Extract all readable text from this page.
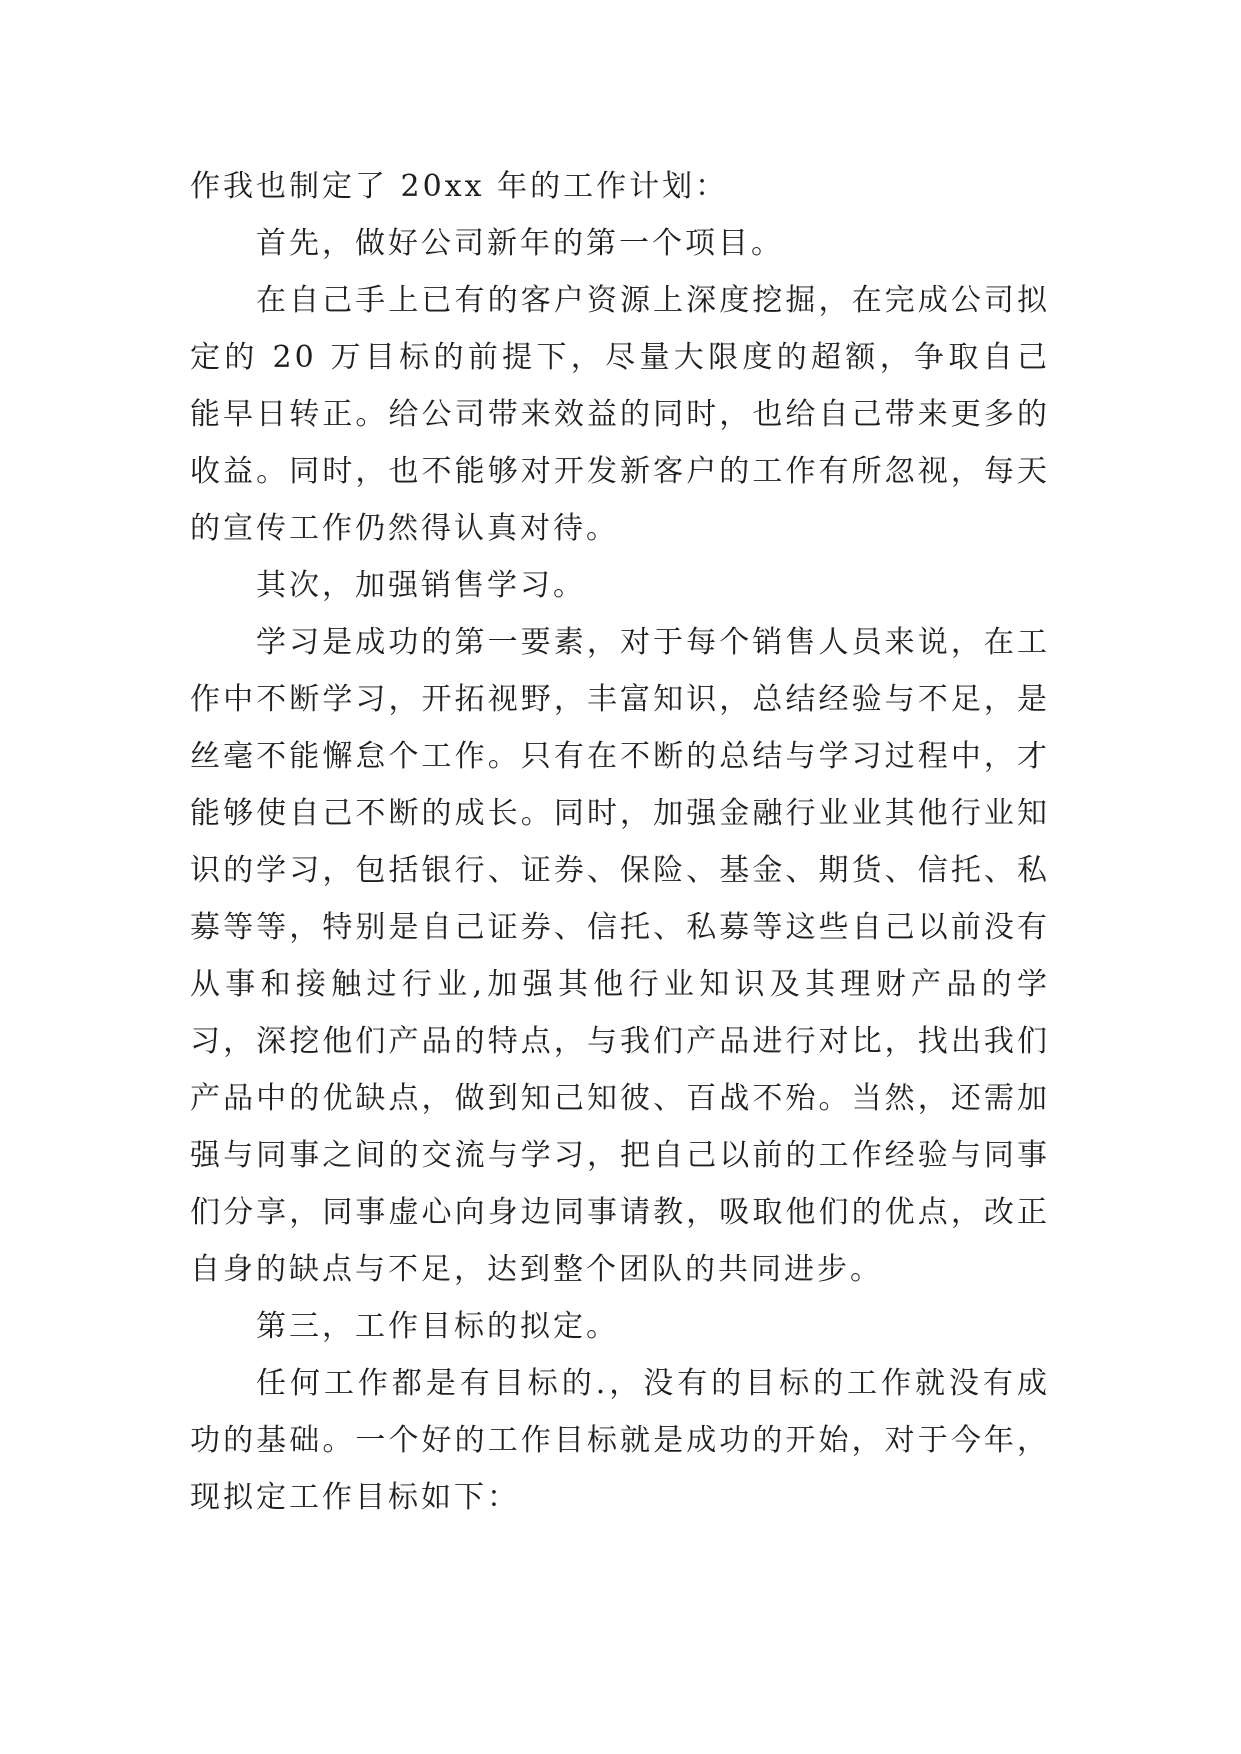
作我也制定了 20xx 年的工作计划：

首先，做好公司新年的第一个项目。

在自己手上已有的客户资源上深度挖掘，在完成公司拟定的 20 万目标的前提下，尽量大限度的超额，争取自己能早日转正。给公司带来效益的同时，也给自己带来更多的收益。同时，也不能够对开发新客户的工作有所忽视，每天的宣传工作仍然得认真对待。

其次，加强销售学习。

学习是成功的第一要素，对于每个销售人员来说，在工作中不断学习，开拓视野，丰富知识，总结经验与不足，是丝毫不能懈怠个工作。只有在不断的总结与学习过程中，才能够使自己不断的成长。同时，加强金融行业业其他行业知识的学习，包括银行、证券、保险、基金、期货、信托、私募等等，特别是自己证券、信托、私募等这些自己以前没有从事和接触过行业,加强其他行业知识及其理财产品的学习，深挖他们产品的特点，与我们产品进行对比，找出我们产品中的优缺点，做到知己知彼、百战不殆。当然，还需加强与同事之间的交流与学习，把自己以前的工作经验与同事们分享，同事虚心向身边同事请教，吸取他们的优点，改正自身的缺点与不足，达到整个团队的共同进步。

第三，工作目标的拟定。

任何工作都是有目标的.，没有的目标的工作就没有成功的基础。一个好的工作目标就是成功的开始，对于今年，现拟定工作目标如下：
